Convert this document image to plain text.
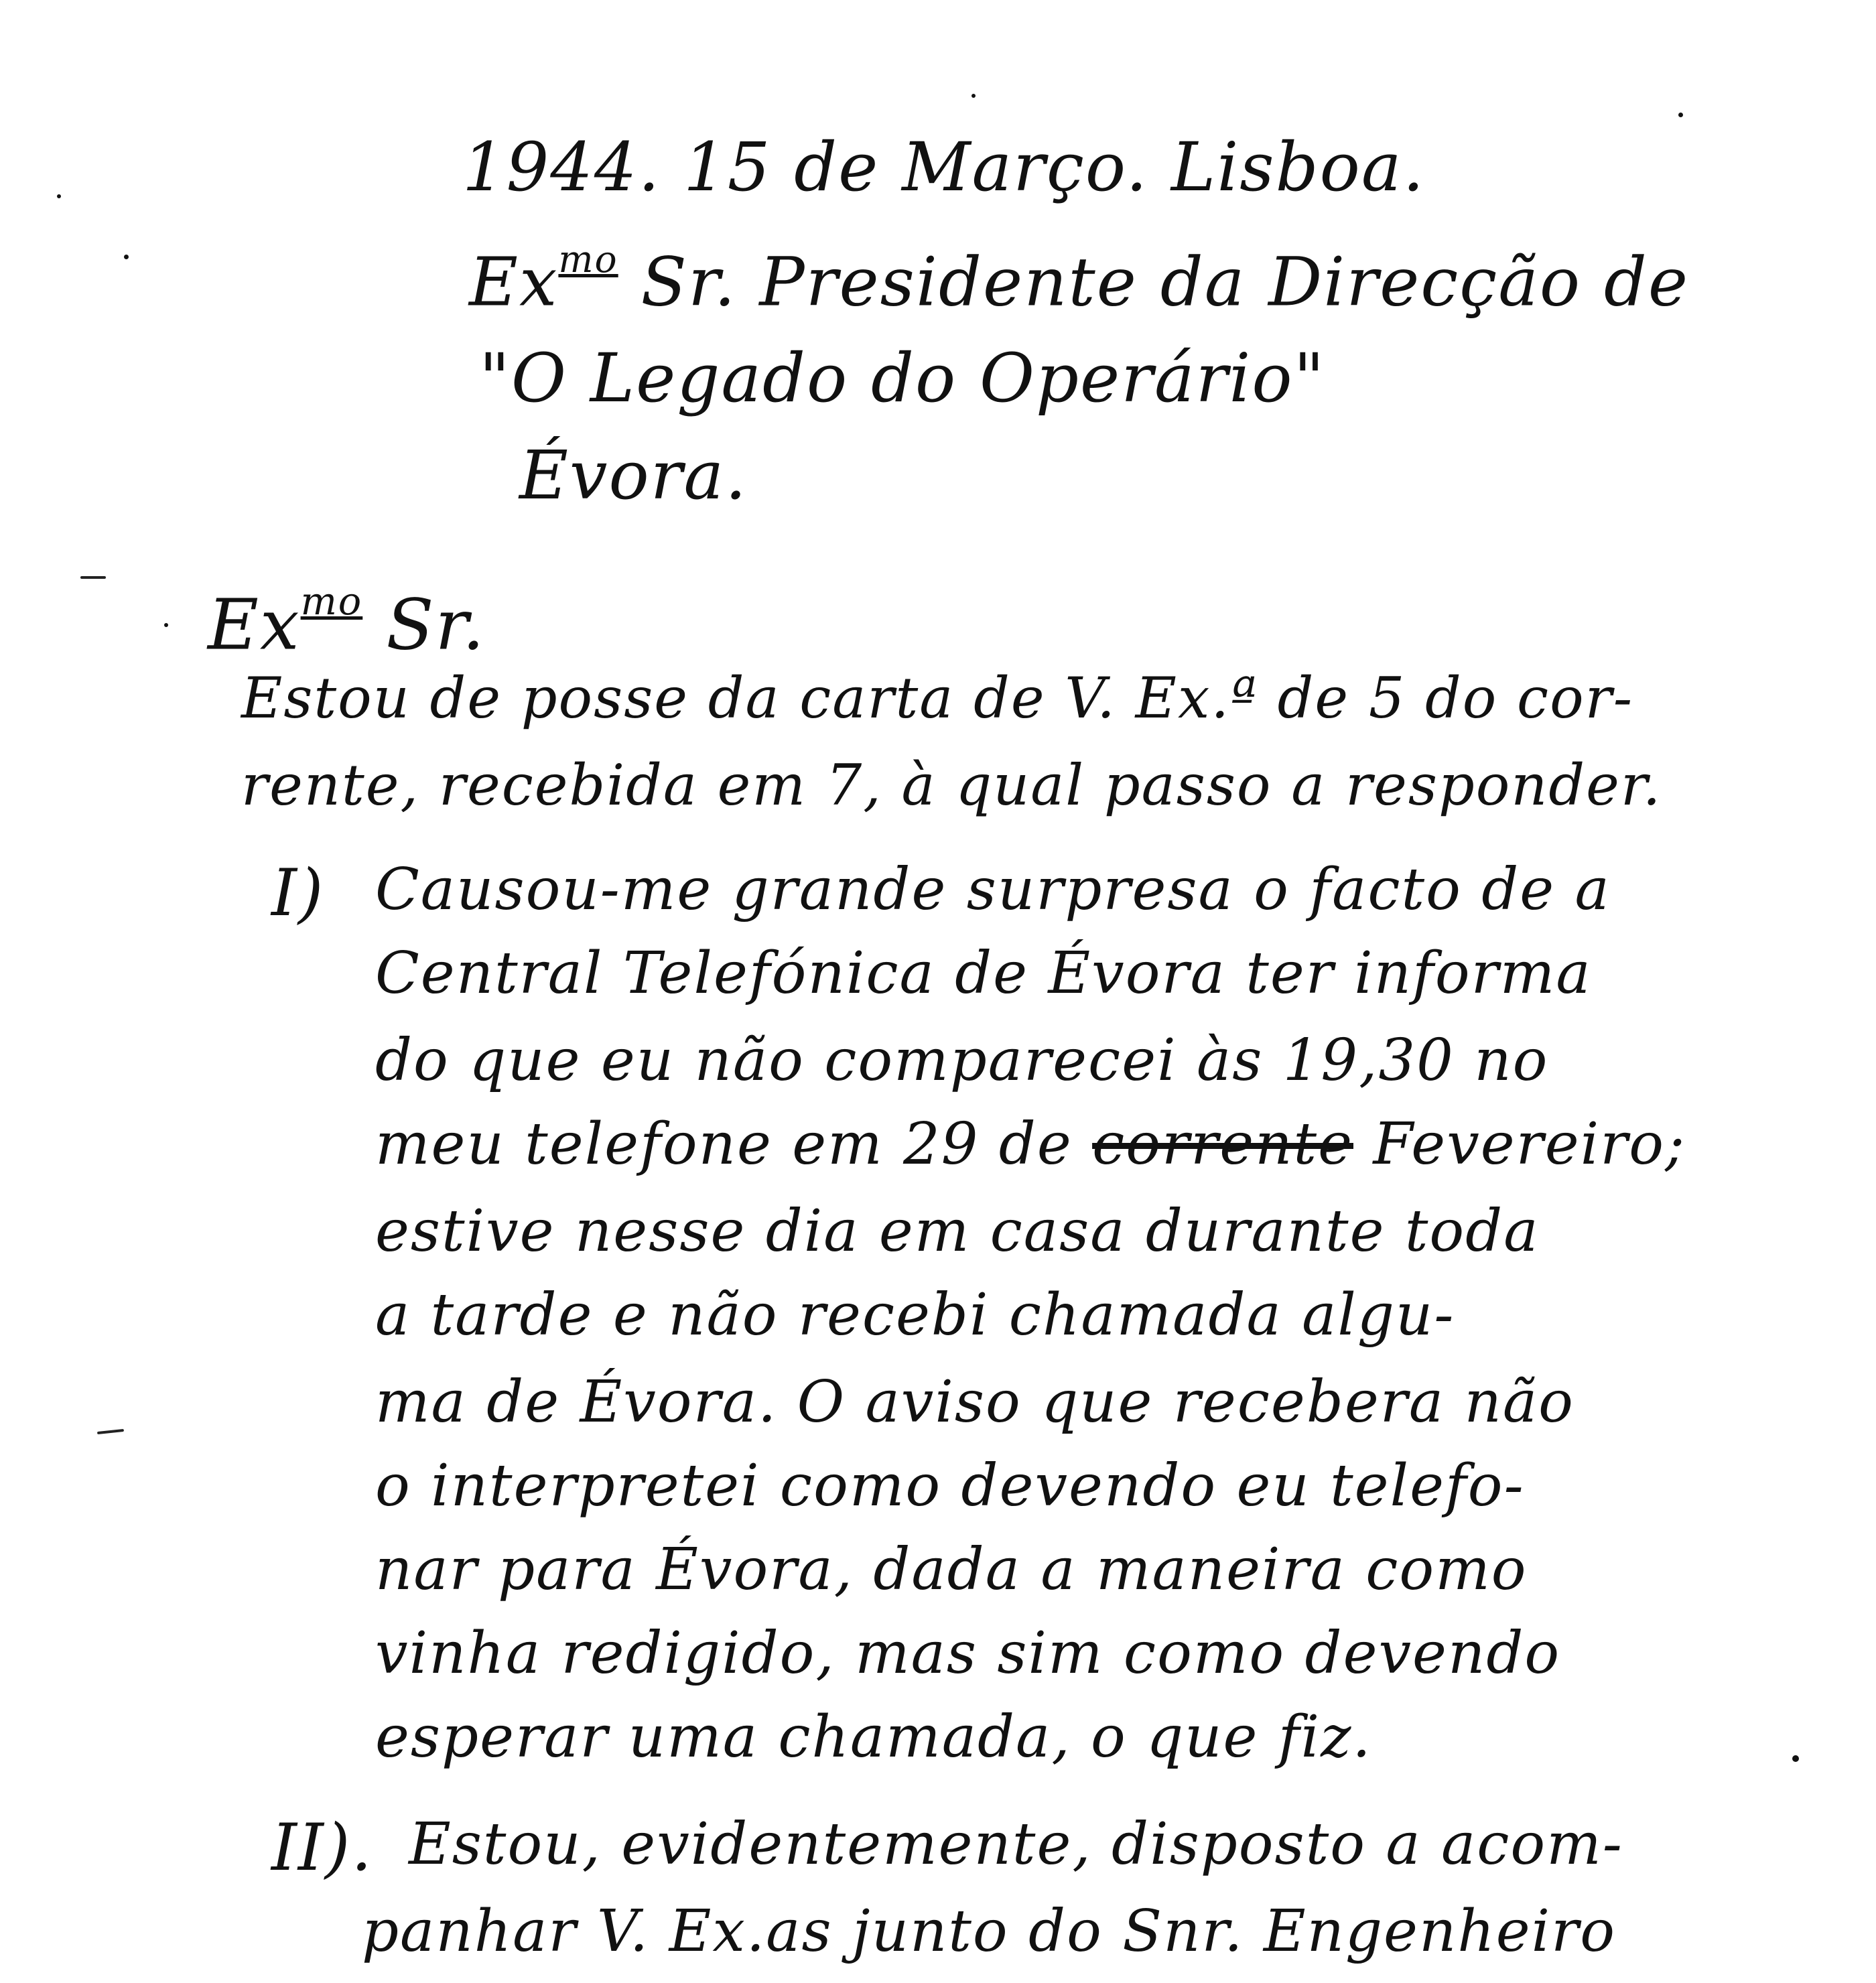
1944. 15 de Março. Lisboa.
$Ex^{mo}$ Sr. Presidente da Direcção de
"O Legado do Operário"
Évora.
$Ex^{mo}$ Sr.
Estou de posse da carta de V. Ex.ª de 5 do cor-
rente, recebida em 7, à qual passo a responder.
I) Causou-me grande surpresa o facto de a
Central Telefónica de Évora ter informa
do que eu não comparecei às 19,30 no
meu telefone em 29 de corrente Fevereiro;
estive nesse dia em casa durante toda
a tarde e não recebi chamada algu-
ma de Évora. O aviso que recebera não
o interpretei como devendo eu telefo-
nar para Évora, dada a maneira como
vinha redigido, mas sim como devendo
esperar uma chamada, o que fiz.
II). Estou, evidentemente, disposto a acom-
panhar V. Ex.as junto do Snr. Engenheiro
